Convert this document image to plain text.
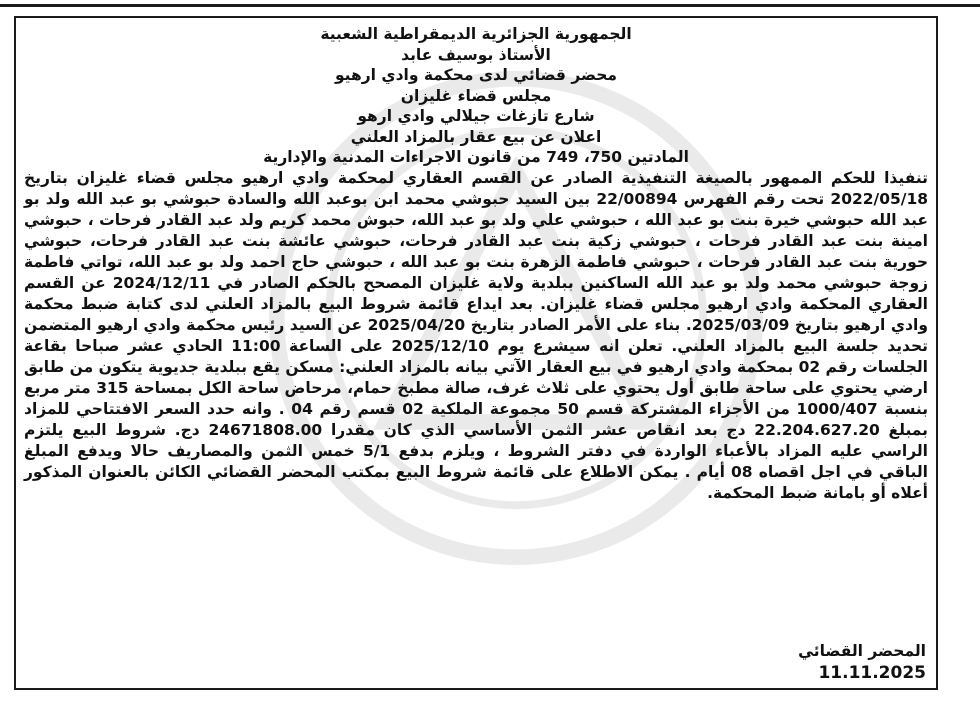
الجمهورية الجزائرية الديمقراطية الشعبية
الأستاذ بوسيف عابد
محضر قضائي لدى محكمة وادي ارهيو
مجلس قضاء غليزان
شارع تازغات جيلالي وادي ارهو
اعلان عن بيع عقار بالمزاد العلني
المادتين 750، 749 من قانون الاجراءات المدنية والإدارية

تنفيذا للحكم الممهور بالصيغة التنفيذية الصادر عن القسم العقاري لمحكمة وادي ارهيو مجلس قضاء غليزان بتاريخ 2022/05/18 تحت رقم الفهرس 22/00894 بين السيد حبوشي محمد ابن بوعبد الله والسادة حبوشي بو عبد الله ولد بو عبد الله حبوشي خيرة بنت بو عبد الله ، حبوشي علي ولد بو عبد الله، حبوش محمد كريم ولد عبد القادر فرحات ، حبوشي امينة بنت عبد القادر فرحات ، حبوشي زكية بنت عبد القادر فرحات، حبوشي عائشة بنت عبد القادر فرحات، حبوشي حورية بنت عبد القادر فرحات ، حبوشي فاطمة الزهرة بنت بو عبد الله ، حبوشي حاج احمد ولد بو عبد الله، تواتي فاطمة زوجة حبوشي محمد ولد بو عبد الله الساكنين ببلدية ولاية غليزان المصحح بالحكم الصادر في 2024/12/11 عن القسم العقاري المحكمة وادي ارهيو مجلس قضاء غليزان. بعد ايداع قائمة شروط البيع بالمزاد العلني لدى كتابة ضبط محكمة وادي ارهيو بتاريخ 2025/03/09. بناء على الأمر الصادر بتاريخ 2025/04/20 عن السيد رئيس محكمة وادي ارهيو المتضمن تحديد جلسة البيع بالمزاد العلني. تعلن انه سيشرع يوم 2025/12/10 على الساعة 11:00 الحادي عشر صباحا بقاعة الجلسات رقم 02 بمحكمة وادي ارهيو في بيع العقار الآتي بيانه بالمزاد العلني: مسكن يقع ببلدية جديوية يتكون من طابق ارضي يحتوي على ساحة طابق أول يحتوي على ثلاث غرف، صالة مطبخ حمام، مرحاض ساحة الكل بمساحة 315 متر مربع بنسبة 1000/407 من الأجزاء المشتركة قسم 50 مجموعة الملكية 02 قسم رقم 04 . وانه حدد السعر الافتتاحي للمزاد بمبلغ 22.204.627.20 دج بعد انقاص عشر الثمن الأساسي الذي كان مقدرا 24671808.00 دج. شروط البيع يلتزم الراسي عليه المزاد بالأعباء الواردة في دفتر الشروط ، ويلزم بدفع 5/1 خمس الثمن والمصاريف حالا ويدفع المبلغ الباقي في اجل اقصاه 08 أيام . يمكن الاطلاع على قائمة شروط البيع بمكتب المحضر القضائي الكائن بالعنوان المذكور أعلاه أو بامانة ضبط المحكمة.

المحضر القضائي
11.11.2025
